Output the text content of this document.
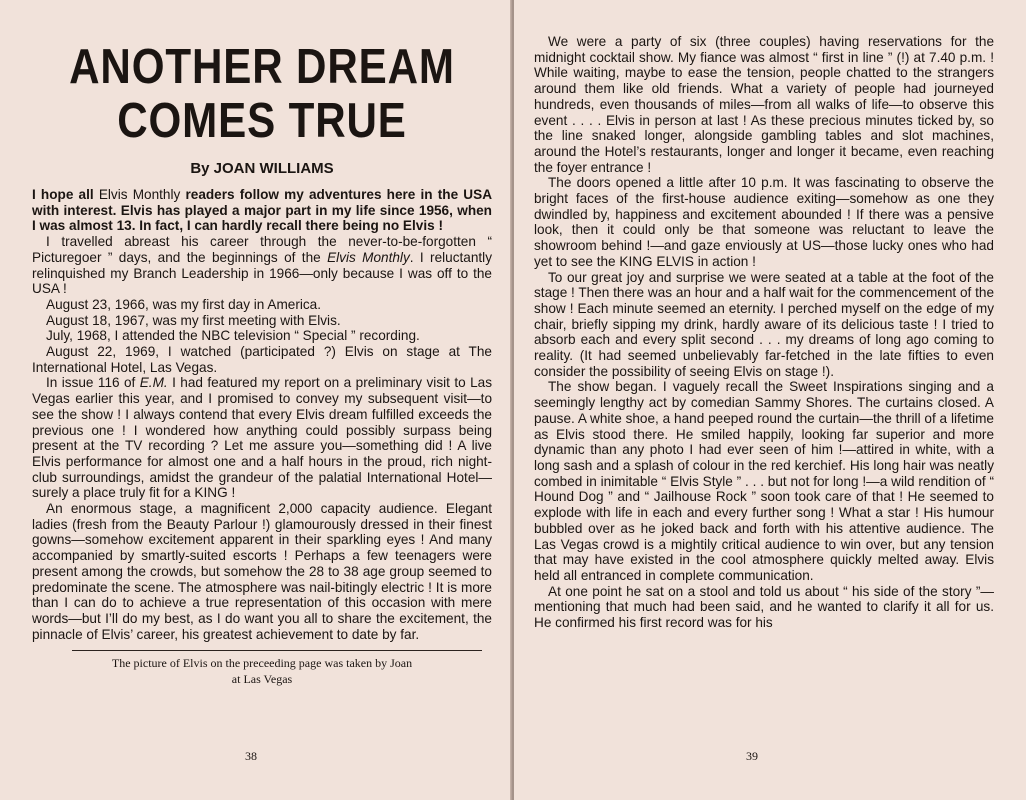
ANOTHER DREAM
COMES TRUE
By JOAN WILLIAMS

I hope all Elvis Monthly readers follow my adventures here in the USA with interest. Elvis has played a major part in my life since 1956, when I was almost 13. In fact, I can hardly recall there being no Elvis !

I travelled abreast his career through the never-to-be-forgotten “ Picturegoer ” days, and the beginnings of the Elvis Monthly. I reluctantly relinquished my Branch Leadership in 1966—only because I was off to the USA !

August 23, 1966, was my first day in America.

August 18, 1967, was my first meeting with Elvis.

July, 1968, I attended the NBC television “ Special ” recording.

August 22, 1969, I watched (participated ?) Elvis on stage at The International Hotel, Las Vegas.

In issue 116 of E.M. I had featured my report on a preliminary visit to Las Vegas earlier this year, and I promised to convey my subsequent visit—to see the show ! I always contend that every Elvis dream fulfilled exceeds the previous one ! I wondered how anything could possibly surpass being present at the TV recording ? Let me assure you—something did ! A live Elvis performance for almost one and a half hours in the proud, rich night-club surroundings, amidst the grandeur of the palatial International Hotel—surely a place truly fit for a KING !

An enormous stage, a magnificent 2,000 capacity audience. Elegant ladies (fresh from the Beauty Parlour !) glamourously dressed in their finest gowns—somehow excitement apparent in their sparkling eyes ! And many accompanied by smartly-suited escorts ! Perhaps a few teenagers were present among the crowds, but somehow the 28 to 38 age group seemed to predominate the scene. The atmosphere was nail-bitingly electric ! It is more than I can do to achieve a true representation of this occasion with mere words—but I’ll do my best, as I do want you all to share the excitement, the pinnacle of Elvis’ career, his greatest achievement to date by far.

The picture of Elvis on the preceeding page was taken by Joan
at Las Vegas
38

We were a party of six (three couples) having reservations for the midnight cocktail show. My fiance was almost “ first in line ” (!) at 7.40 p.m. ! While waiting, maybe to ease the tension, people chatted to the strangers around them like old friends. What a variety of people had journeyed hundreds, even thousands of miles—from all walks of life—to observe this event . . . . Elvis in person at last ! As these precious minutes ticked by, so the line snaked longer, alongside gambling tables and slot machines, around the Hotel’s restaurants, longer and longer it became, even reaching the foyer entrance !

The doors opened a little after 10 p.m. It was fascinating to observe the bright faces of the first-house audience exiting—somehow as one they dwindled by, happiness and excitement abounded ! If there was a pensive look, then it could only be that someone was reluctant to leave the showroom behind !—and gaze enviously at US—those lucky ones who had yet to see the KING ELVIS in action !

To our great joy and surprise we were seated at a table at the foot of the stage ! Then there was an hour and a half wait for the commencement of the show ! Each minute seemed an eternity. I perched myself on the edge of my chair, briefly sipping my drink, hardly aware of its delicious taste ! I tried to absorb each and every split second . . . my dreams of long ago coming to reality. (It had seemed unbelievably far-fetched in the late fifties to even consider the possibility of seeing Elvis on stage !).

The show began. I vaguely recall the Sweet Inspirations singing and a seemingly lengthy act by comedian Sammy Shores. The curtains closed. A pause. A white shoe, a hand peeped round the curtain—the thrill of a lifetime as Elvis stood there. He smiled happily, looking far superior and more dynamic than any photo I had ever seen of him !—attired in white, with a long sash and a splash of colour in the red kerchief. His long hair was neatly combed in inimitable “ Elvis Style ” . . . but not for long !—a wild rendition of “ Hound Dog ” and “ Jailhouse Rock ” soon took care of that ! He seemed to explode with life in each and every further song ! What a star ! His humour bubbled over as he joked back and forth with his attentive audience. The Las Vegas crowd is a mightily critical audience to win over, but any tension that may have existed in the cool atmosphere quickly melted away. Elvis held all entranced in complete communication.

At one point he sat on a stool and told us about “ his side of the story ”—mentioning that much had been said, and he wanted to clarify it all for us. He confirmed his first record was for his

39
